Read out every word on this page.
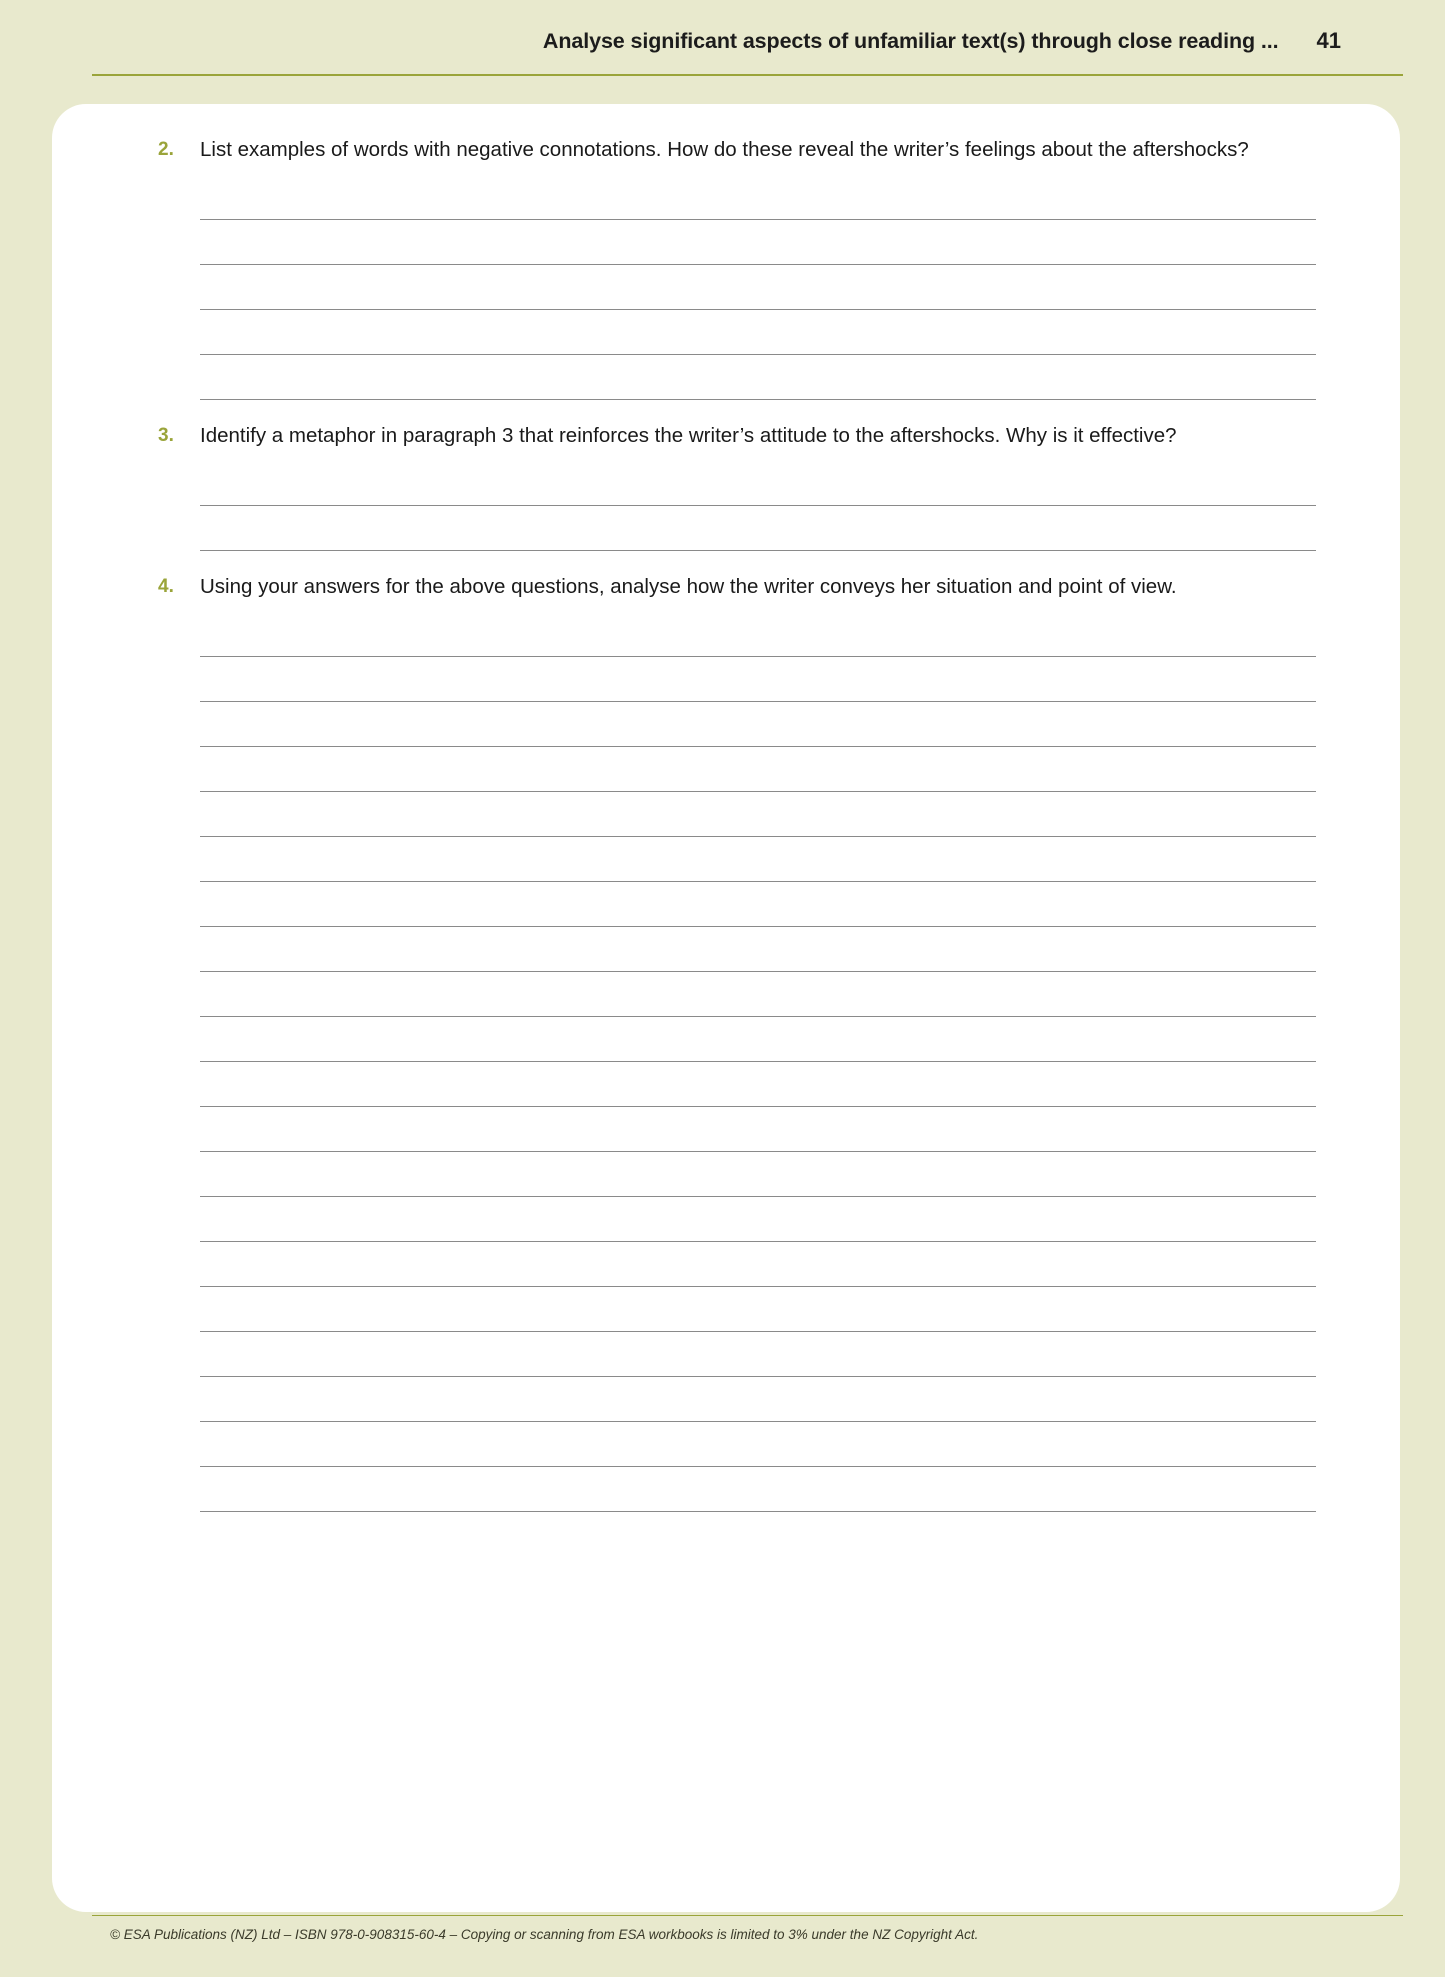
Analyse significant aspects of unfamiliar text(s) through close reading ... 41
2.	List examples of words with negative connotations. How do these reveal the writer’s feelings about the aftershocks?
3.	Identify a metaphor in paragraph 3 that reinforces the writer’s attitude to the aftershocks. Why is it effective?
4.	Using your answers for the above questions, analyse how the writer conveys her situation and point of view.
© ESA Publications (NZ) Ltd – ISBN 978-0-908315-60-4 – Copying or scanning from ESA workbooks is limited to 3% under the NZ Copyright Act.
